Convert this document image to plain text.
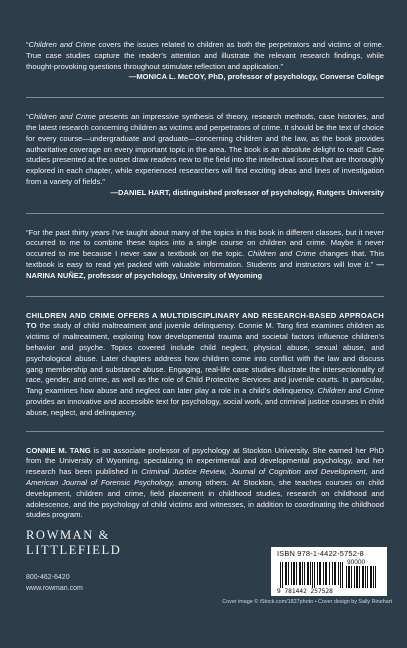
“Children and Crime covers the issues related to children as both the perpetrators and victims of crime. True case studies capture the reader’s attention and illustrate the relevant research findings, while thought-provoking questions throughout stimulate reflection and application.”
—MONICA L. McCOY, PhD, professor of psychology, Converse College

“Children and Crime presents an impressive synthesis of theory, research methods, case histories, and the latest research concerning children as victims and perpetrators of crime. It should be the text of choice for every course—undergraduate and graduate—concerning children and the law, as the book provides authoritative coverage on every important topic in the area. The book is an absolute delight to read! Case studies presented at the outset draw readers new to the field into the intellectual issues that are thoroughly explored in each chapter, while experienced researchers will find exciting ideas and lines of investigation from a variety of fields.”
—DANIEL HART, distinguished professor of psychology, Rutgers University

“For the past thirty years I’ve taught about many of the topics in this book in different classes, but it never occurred to me to combine these topics into a single course on children and crime. Maybe it never occurred to me because I never saw a textbook on the topic. Children and Crime changes that. This textbook is easy to read yet packed with valuable information. Students and instructors will love it.” —NARINA NUÑEZ, professor of psychology, University of Wyoming

CHILDREN AND CRIME OFFERS A MULTIDISCIPLINARY AND RESEARCH-BASED APPROACH TO the study of child maltreatment and juvenile delinquency. Connie M. Tang first examines children as victims of maltreatment, exploring how developmental trauma and societal factors influence children’s behavior and psyche. Topics covered include child neglect, physical abuse, sexual abuse, and psychological abuse. Later chapters address how children come into conflict with the law and discuss gang membership and substance abuse. Engaging, real-life case studies illustrate the intersectionality of race, gender, and crime, as well as the role of Child Protective Services and juvenile courts. In particular, Tang examines how abuse and neglect can later play a role in a child’s delinquency. Children and Crime provides an innovative and accessible text for psychology, social work, and criminal justice courses in child abuse, neglect, and delinquency.

CONNIE M. TANG is an associate professor of psychology at Stockton University. She earned her PhD from the University of Wyoming, specializing in experimental and developmental psychology, and her research has been published in Criminal Justice Review, Journal of Cognition and Development, and American Journal of Forensic Psychology, among others. At Stockton, she teaches courses on child development, children and crime, field placement in childhood studies, research on childhood and adolescence, and the psychology of child victims and witnesses, in addition to coordinating the childhood studies program.

ROWMAN &
LITTLEFIELD
800-462-6420
www.rowman.com
ISBN 978-1-4422-5752-8
90000
9 781442 257528
Cover image © iStock.com/1827photo • Cover design by Sally Rinehart
